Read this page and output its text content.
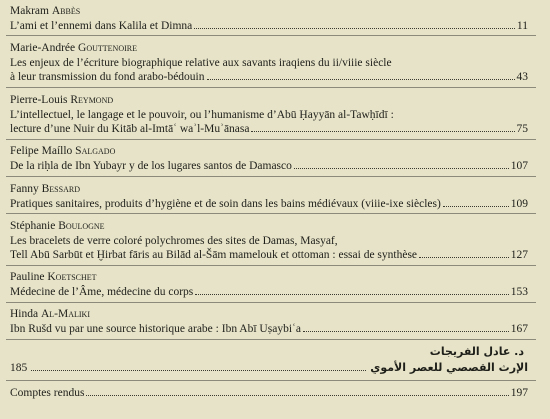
Makram Abbès
L’ami et l’ennemi dans Kalila et Dimna	11
Marie-Andrée Gouttenoire
Les enjeux de l’écriture biographique relative aux savants iraqiens du ii/viiie siècle
à leur transmission du fond arabo-bédouin	43
Pierre-Louis Reymond
L’intellectuel, le langage et le pouvoir, ou l’humanisme d’Abū Ḥayyān al-Tawḥīdī :
lecture d’une Nuir du Kitāb al-Imtāʿ waʾl-Muʾānasa	75
Felipe Maíllo Salgado
De la riḥla de Ibn Yubayr y de los lugares santos de Damasco	107
Fanny Bessard
Pratiques sanitaires, produits d’hygiène et de soin dans les bains médiévaux (viiie-ixe siècles)	109
Stéphanie Boulogne
Les bracelets de verre coloré polychromes des sites de Damas, Masyaf,
Tell Abū Sarbūt et Ḫirbat fāris au Bilād al-Šām mamelouk et ottoman : essai de synthèse	127
Pauline Koetschet
Médecine de l’Âme, médecine du corps	153
Hinda Al-Maliki
Ibn Rušd vu par une source historique arabe : Ibn Abī Uṣaybiʿa	167
د. عادل الفريجات
185	الإرث القصصي للعصر الأموي
Comptes rendus	197
